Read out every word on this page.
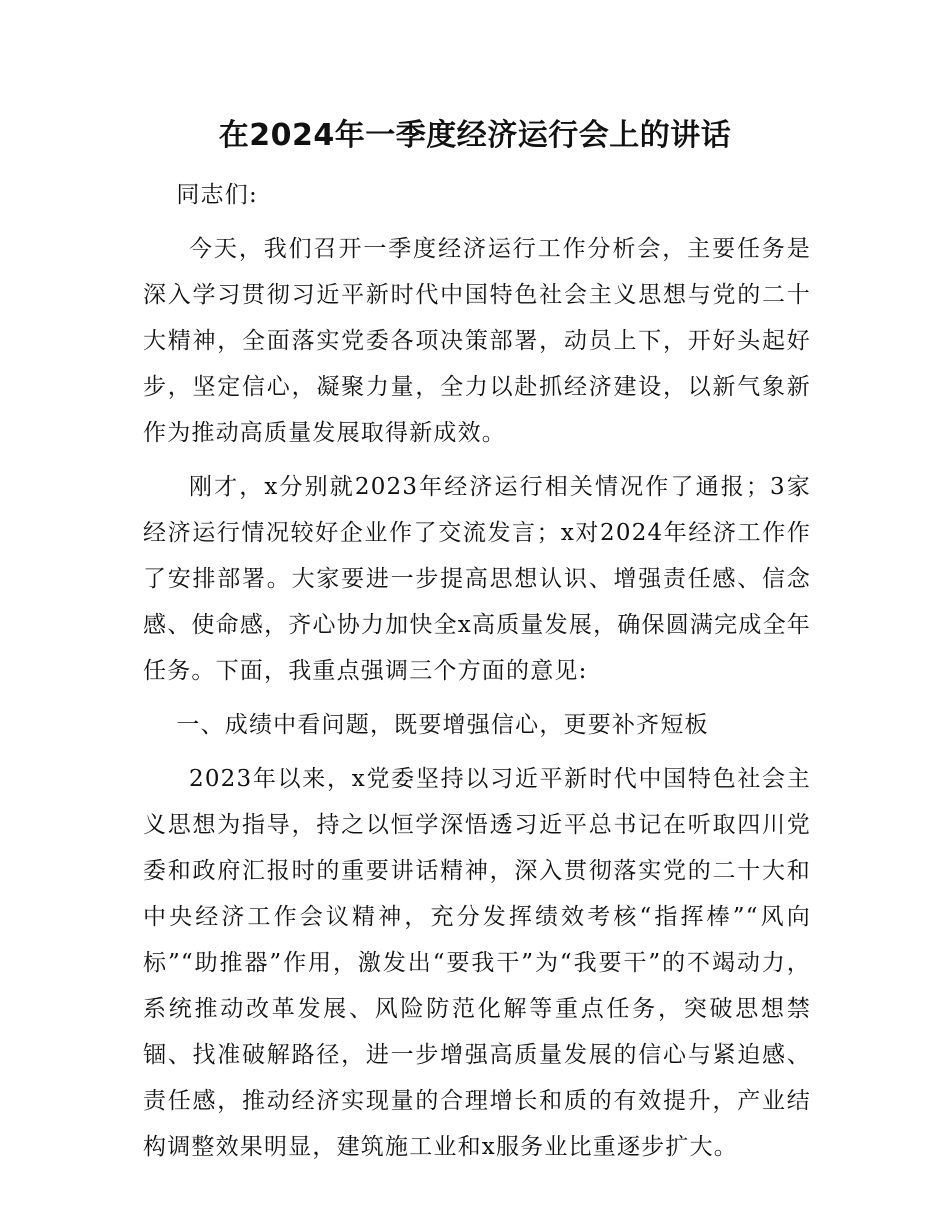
在2024年一季度经济运行会上的讲话

同志们:

今天，我们召开一季度经济运行工作分析会，主要任务是深入学习贯彻习近平新时代中国特色社会主义思想与党的二十大精神，全面落实党委各项决策部署，动员上下，开好头起好步，坚定信心，凝聚力量，全力以赴抓经济建设，以新气象新作为推动高质量发展取得新成效。

刚才，x分别就2023年经济运行相关情况作了通报；3家经济运行情况较好企业作了交流发言；x对2024年经济工作作了安排部署。大家要进一步提高思想认识、增强责任感、信念感、使命感，齐心协力加快全x高质量发展，确保圆满完成全年任务。下面，我重点强调三个方面的意见:

一、成绩中看问题，既要增强信心，更要补齐短板

2023年以来，x党委坚持以习近平新时代中国特色社会主义思想为指导，持之以恒学深悟透习近平总书记在听取四川党委和政府汇报时的重要讲话精神，深入贯彻落实党的二十大和中央经济工作会议精神，充分发挥绩效考核“指挥棒”“风向标”“助推器”作用，激发出“要我干”为“我要干”的不竭动力，系统推动改革发展、风险防范化解等重点任务，突破思想禁锢、找准破解路径，进一步增强高质量发展的信心与紧迫感、责任感，推动经济实现量的合理增长和质的有效提升，产业结构调整效果明显，建筑施工业和x服务业比重逐步扩大。
